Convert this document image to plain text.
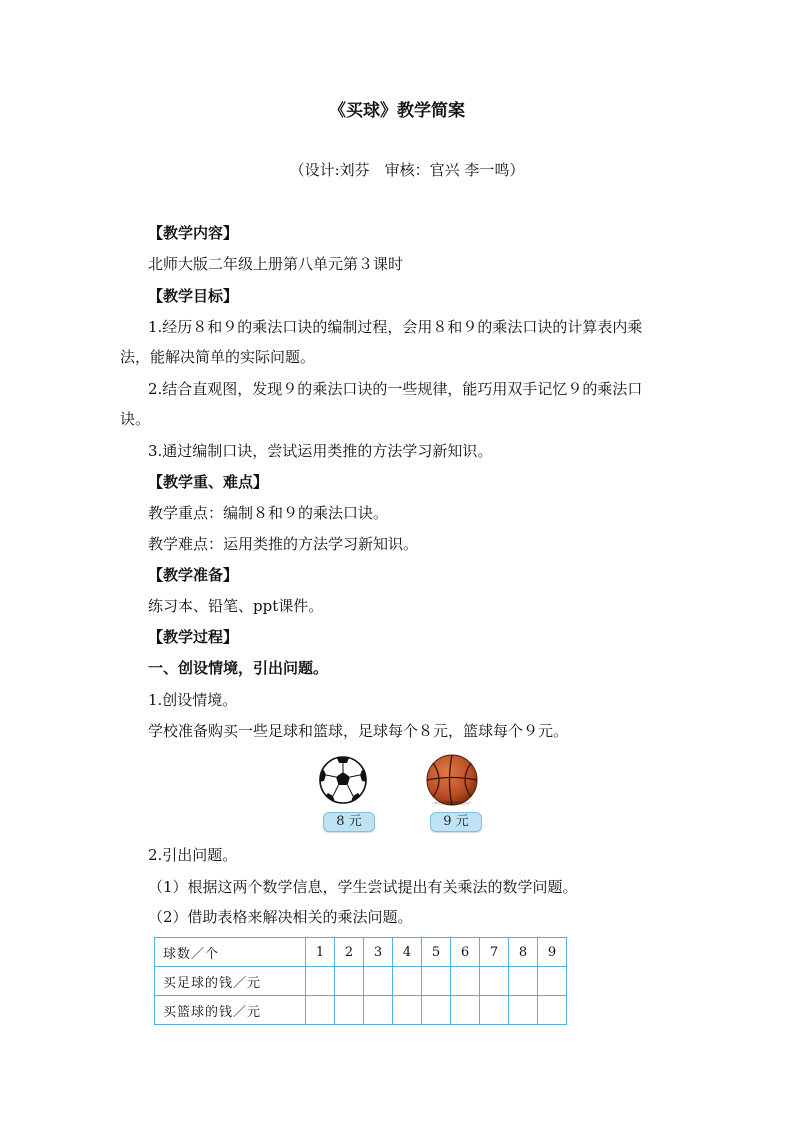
《买球》教学简案
（设计:刘芬　审核：官兴 李一鸣）
【教学内容】
北师大版二年级上册第八单元第３课时
【教学目标】
1.经历８和９的乘法口诀的编制过程，会用８和９的乘法口诀的计算表内乘
法，能解决简单的实际问题。
2.结合直观图，发现９的乘法口诀的一些规律，能巧用双手记忆９的乘法口
诀。
3.通过编制口诀，尝试运用类推的方法学习新知识。
【教学重、难点】
教学重点：编制８和９的乘法口诀。
教学难点：运用类推的方法学习新知识。
【教学准备】
练习本、铅笔、ppt课件。
【教学过程】
一、创设情境，引出问题。
1.创设情境。
学校准备购买一些足球和篮球，足球每个８元，篮球每个９元。
8 元	9 元
2.引出问题。
（1）根据这两个数学信息，学生尝试提出有关乘法的数学问题。
（2）借助表格来解决相关的乘法问题。
球数／个	1	2	3	4	5	6	7	8	9
买足球的钱／元									
买篮球的钱／元									
